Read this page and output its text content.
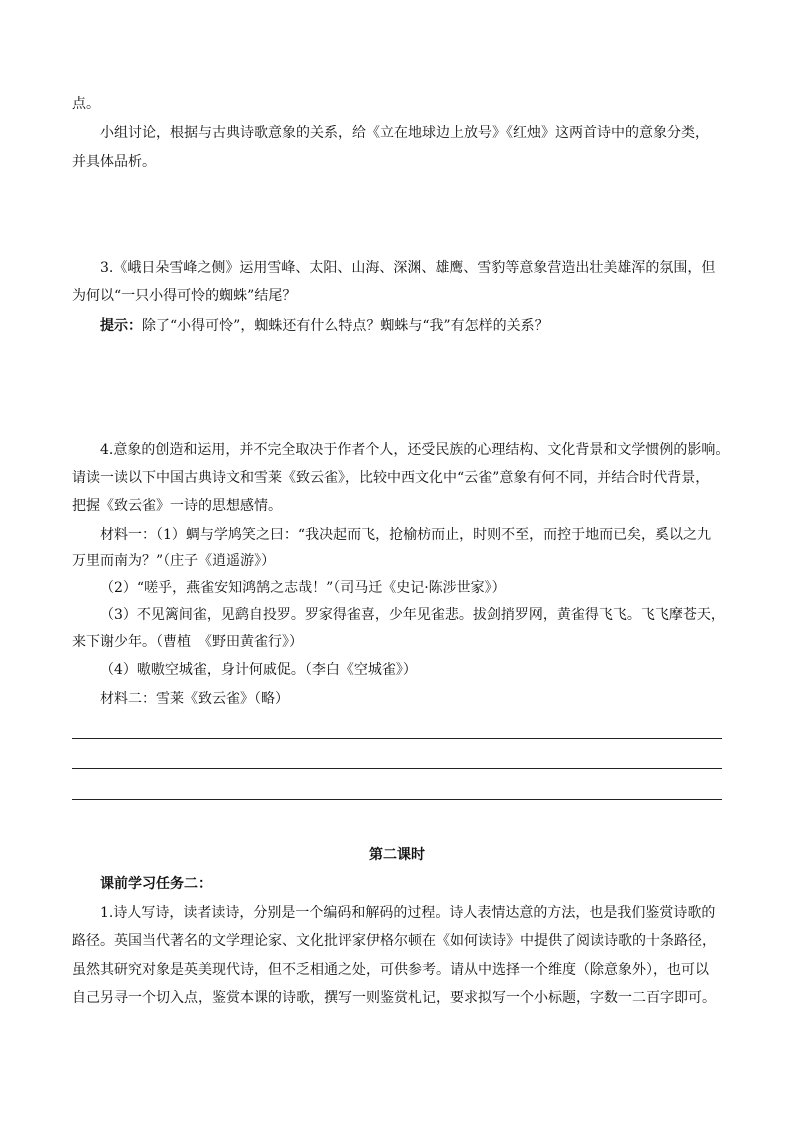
点。
小组讨论，根据与古典诗歌意象的关系，给《立在地球边上放号》《红烛》这两首诗中的意象分类，
并具体品析。
3.《峨日朵雪峰之侧》运用雪峰、太阳、山海、深渊、雄鹰、雪豹等意象营造出壮美雄浑的氛围，但
为何以“一只小得可怜的蜘蛛”结尾？
提示：除了“小得可怜”，蜘蛛还有什么特点？蜘蛛与“我”有怎样的关系？
4.意象的创造和运用，并不完全取决于作者个人，还受民族的心理结构、文化背景和文学惯例的影响。
请读一读以下中国古典诗文和雪莱《致云雀》，比较中西文化中“云雀”意象有何不同，并结合时代背景，
把握《致云雀》一诗的思想感情。
材料一：（1）蜩与学鸠笑之曰：“我决起而飞，抢榆枋而止，时则不至，而控于地而已矣，奚以之九
万里而南为？”（庄子《逍遥游》）
（2）“嗟乎，燕雀安知鸿鹄之志哉！”（司马迁《史记·陈涉世家》）
（3）不见篱间雀，见鹞自投罗。罗家得雀喜，少年见雀悲。拔剑捎罗网，黄雀得飞飞。飞飞摩苍天，
来下谢少年。（曹植　《野田黄雀行》）
（4）嗷嗷空城雀，身计何戚促。（李白《空城雀》）
材料二：雪莱《致云雀》（略）
第二课时
课前学习任务二：
1.诗人写诗，读者读诗，分别是一个编码和解码的过程。诗人表情达意的方法，也是我们鉴赏诗歌的
路径。英国当代著名的文学理论家、文化批评家伊格尔顿在《如何读诗》中提供了阅读诗歌的十条路径，
虽然其研究对象是英美现代诗，但不乏相通之处，可供参考。请从中选择一个维度（除意象外），也可以
自己另寻一个切入点，鉴赏本课的诗歌，撰写一则鉴赏札记，要求拟写一个小标题，字数一二百字即可。
